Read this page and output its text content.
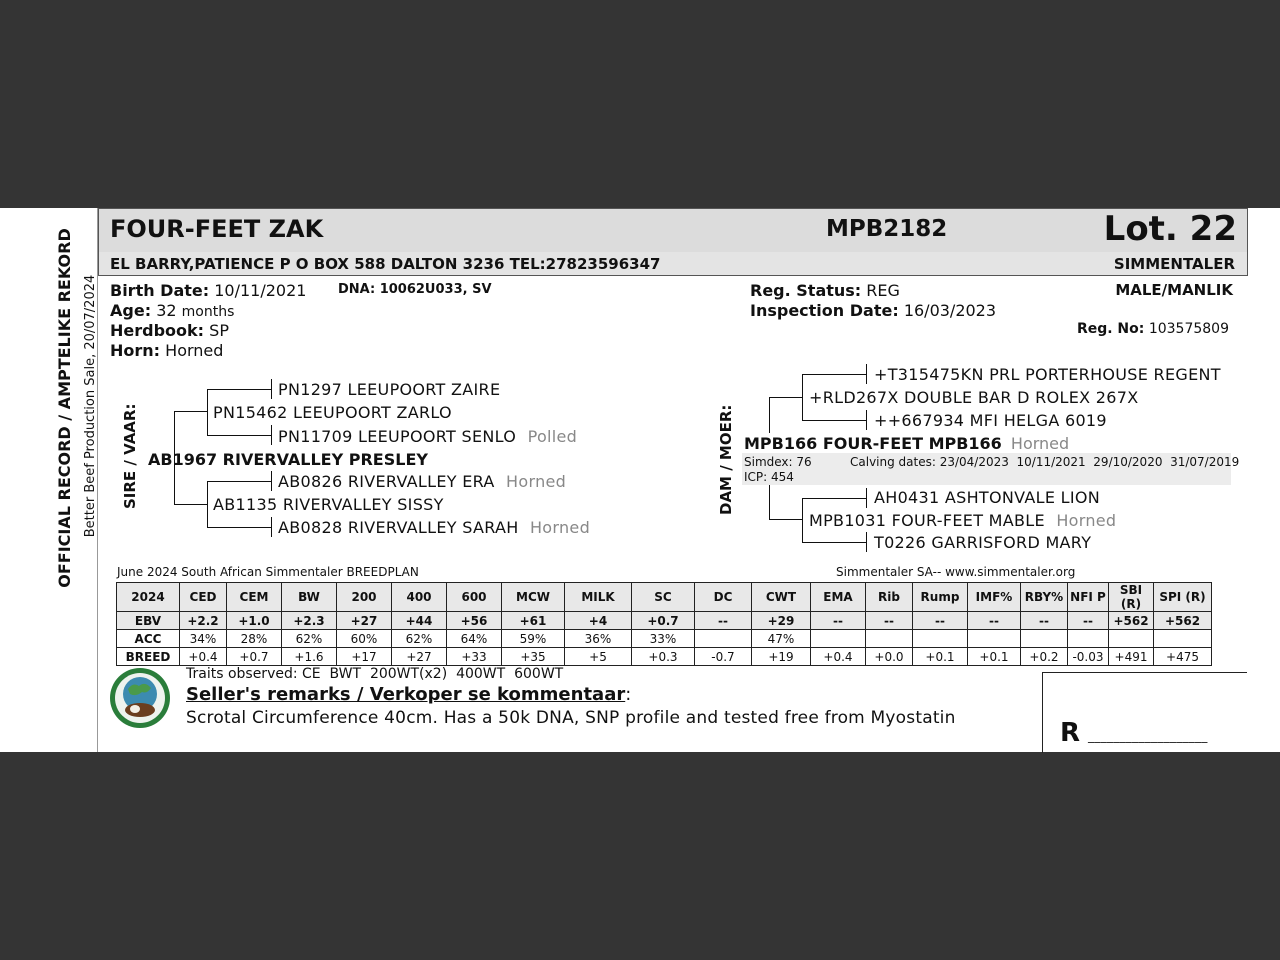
OFFICIAL RECORD / AMPTELIKE REKORD Better Beef Production Sale, 20/07/2024
FOUR-FEET ZAK	MPB2182	Lot. 22
EL BARRY,PATIENCE P O BOX 588 DALTON 3236 TEL:27823596347	SIMMENTALER
Birth Date: 10/11/2021 DNA: 10062U033, SV
Age: 32 months
Herdbook: SP
Horn: Horned
Reg. Status: REG
Inspection Date: 16/03/2023
MALE/MANLIK
Reg. No: 103575809
SIRE / VAAR:
PN1297 LEEUPOORT ZAIRE
PN15462 LEEUPOORT ZARLO
PN11709 LEEUPOORT SENLO Polled
AB1967 RIVERVALLEY PRESLEY
AB0826 RIVERVALLEY ERA Horned
AB1135 RIVERVALLEY SISSY
AB0828 RIVERVALLEY SARAH Horned
DAM / MOER:
+T315475KN PRL PORTERHOUSE REGENT
+RLD267X DOUBLE BAR D ROLEX 267X
++667934 MFI HELGA 6019
MPB166 FOUR-FEET MPB166 Horned
Simdex: 76
ICP: 454
Calving dates: 23/04/2023  10/11/2021  29/10/2020  31/07/2019
AH0431 ASHTONVALE LION
MPB1031 FOUR-FEET MABLE Horned
T0226 GARRISFORD MARY
June 2024 South African Simmentaler BREEDPLAN	Simmentaler SA-- www.simmentaler.org
2024	CED	CEM	BW	200	400	600	MCW	MILK	SC	DC	CWT	EMA	Rib	Rump	IMF%	RBY%	NFI P	SBI (R)	SPI (R)
EBV	+2.2	+1.0	+2.3	+27	+44	+56	+61	+4	+0.7	--	+29	--	--	--	--	--	--	+562	+562
ACC	34%	28%	62%	60%	62%	64%	59%	36%	33%		47%								
BREED	+0.4	+0.7	+1.6	+17	+27	+33	+35	+5	+0.3	-0.7	+19	+0.4	+0.0	+0.1	+0.1	+0.2	-0.03	+491	+475
Traits observed: CE  BWT  200WT(x2)  400WT  600WT
Seller's remarks / Verkoper se kommentaar:
Scrotal Circumference 40cm. Has a 50k DNA, SNP profile and tested free from Myostatin	R ___________________
